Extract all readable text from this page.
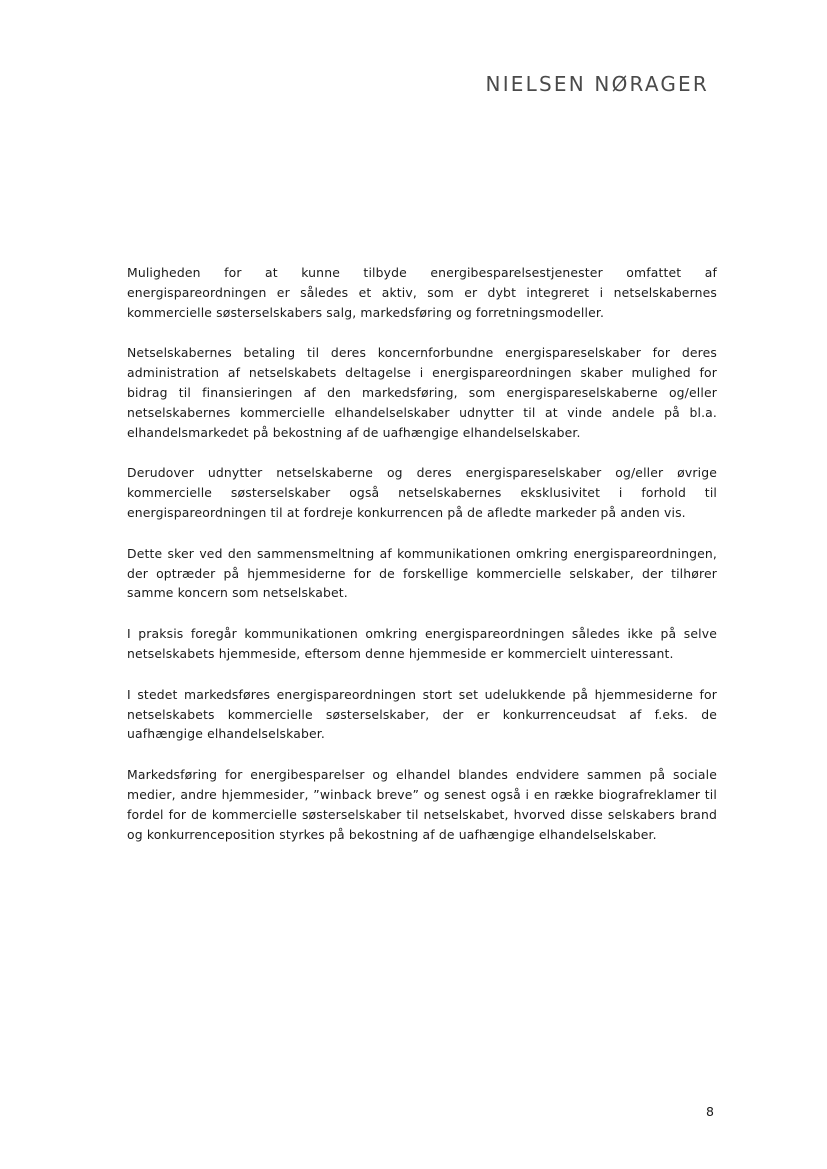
NIELSEN NØRAGER

Muligheden for at kunne tilbyde energibesparelsestjenester omfattet af energispareordningen er således et aktiv, som er dybt integreret i netselskabernes kommercielle søsterselskabers salg, markedsføring og forretningsmodeller.

Netselskabernes betaling til deres koncernforbundne energispareselskaber for deres administration af netselskabets deltagelse i energispareordningen skaber mulighed for bidrag til finansieringen af den markedsføring, som energispareselskaberne og/eller netselskabernes kommercielle elhandelselskaber udnytter til at vinde andele på bl.a. elhandelsmarkedet på bekostning af de uafhængige elhandelselskaber.

Derudover udnytter netselskaberne og deres energispareselskaber og/eller øvrige kommercielle søsterselskaber også netselskabernes eksklusivitet i forhold til energispareordningen til at fordreje konkurrencen på de afledte markeder på anden vis.

Dette sker ved den sammensmeltning af kommunikationen omkring energispareordningen, der optræder på hjemmesiderne for de forskellige kommercielle selskaber, der tilhører samme koncern som netselskabet.

I praksis foregår kommunikationen omkring energispareordningen således ikke på selve netselskabets hjemmeside, eftersom denne hjemmeside er kommercielt uinteressant.

I stedet markedsføres energispareordningen stort set udelukkende på hjemmesiderne for netselskabets kommercielle søsterselskaber, der er konkurrenceudsat af f.eks. de uafhængige elhandelselskaber.

Markedsføring for energibesparelser og elhandel blandes endvidere sammen på sociale medier, andre hjemmesider, ”winback breve” og senest også i en række biografreklamer til fordel for de kommercielle søsterselskaber til netselskabet, hvorved disse selskabers brand og konkurrenceposition styrkes på bekostning af de uafhængige elhandelselskaber.

8
